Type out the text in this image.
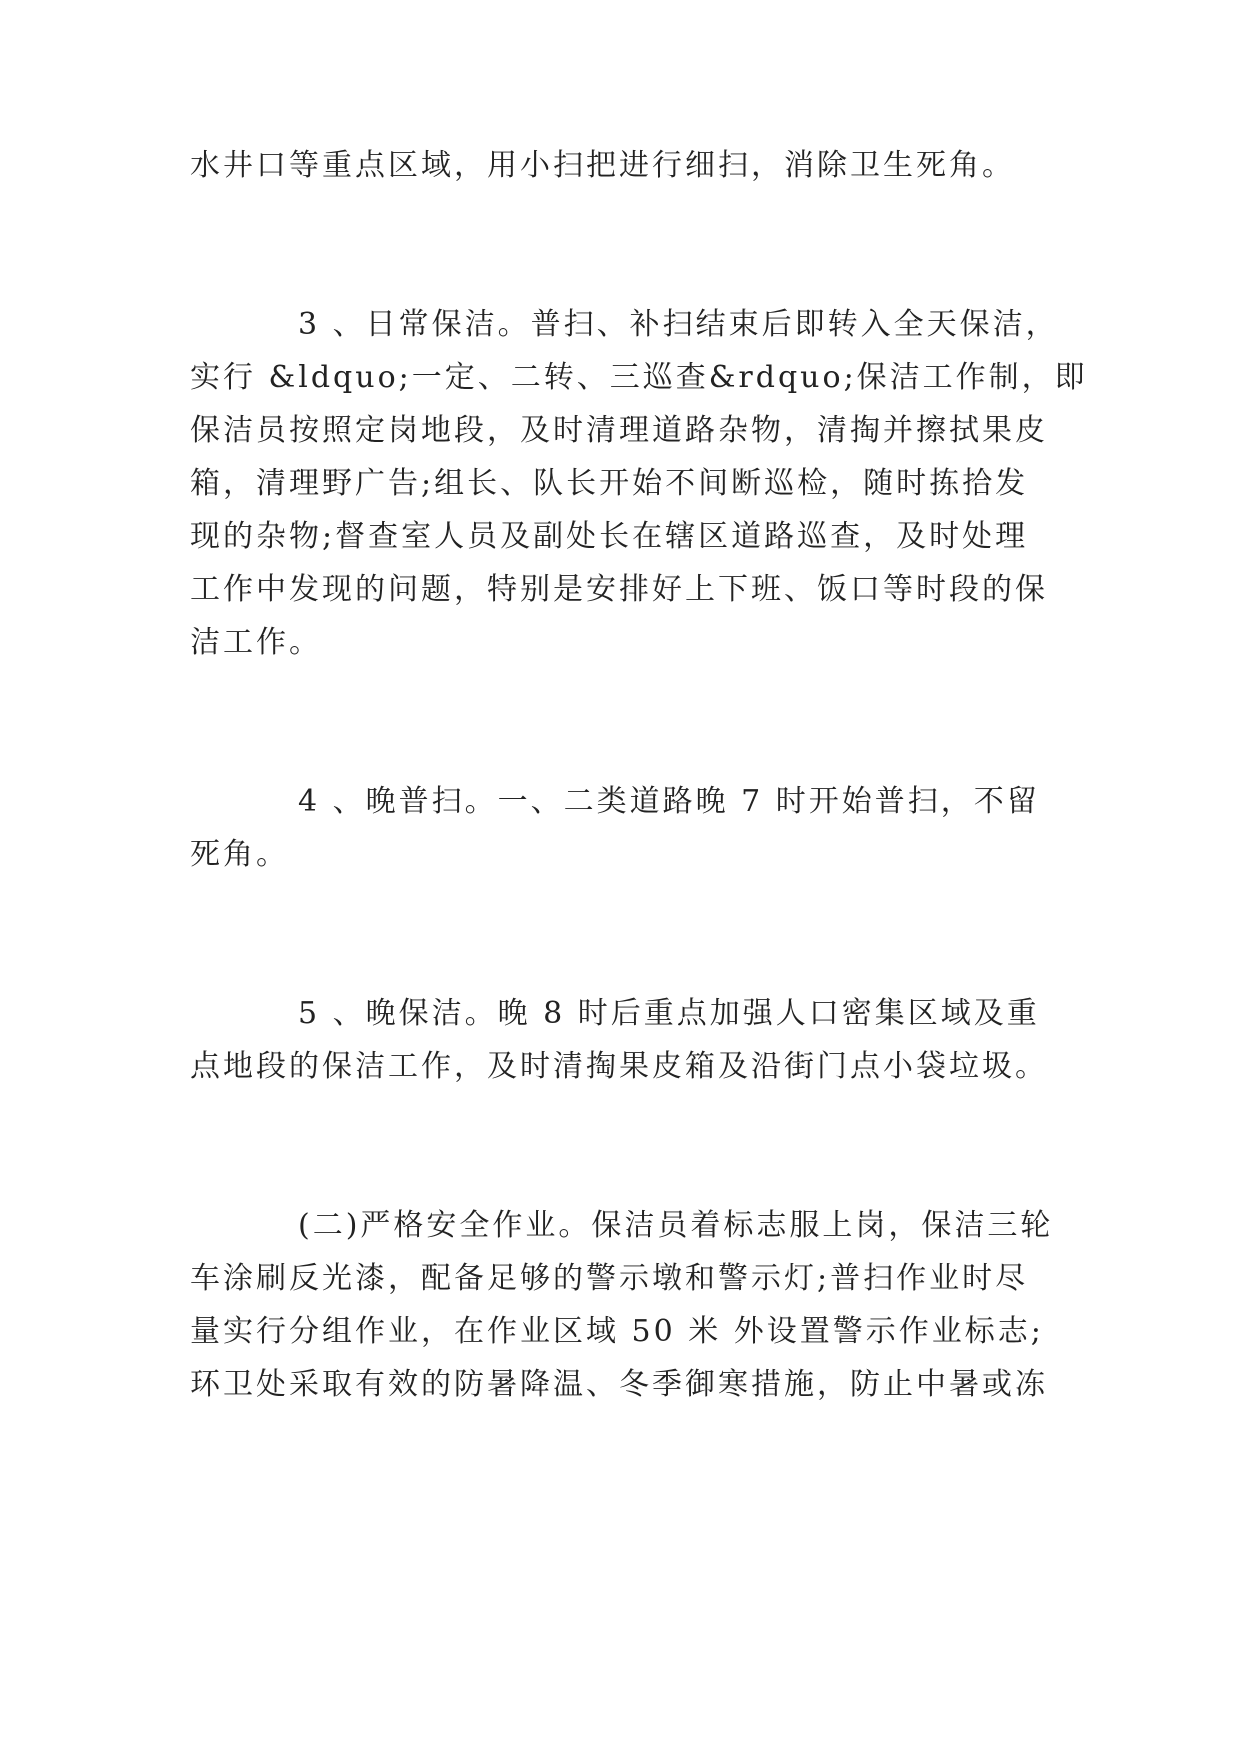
水井口等重点区域，用小扫把进行细扫，消除卫生死角。
3 、日常保洁。普扫、补扫结束后即转入全天保洁，
实行 &ldquo;一定、二转、三巡查&rdquo;保洁工作制，即
保洁员按照定岗地段，及时清理道路杂物，清掏并擦拭果皮
箱，清理野广告;组长、队长开始不间断巡检，随时拣拾发
现的杂物;督查室人员及副处长在辖区道路巡查，及时处理
工作中发现的问题，特别是安排好上下班、饭口等时段的保
洁工作。
4 、晚普扫。一、二类道路晚 7 时开始普扫，不留
死角。
5 、晚保洁。晚 8 时后重点加强人口密集区域及重
点地段的保洁工作，及时清掏果皮箱及沿街门点小袋垃圾。
(二)严格安全作业。保洁员着标志服上岗，保洁三轮
车涂刷反光漆，配备足够的警示墩和警示灯;普扫作业时尽
量实行分组作业，在作业区域 50 米 外设置警示作业标志;
环卫处采取有效的防暑降温、冬季御寒措施，防止中暑或冻
